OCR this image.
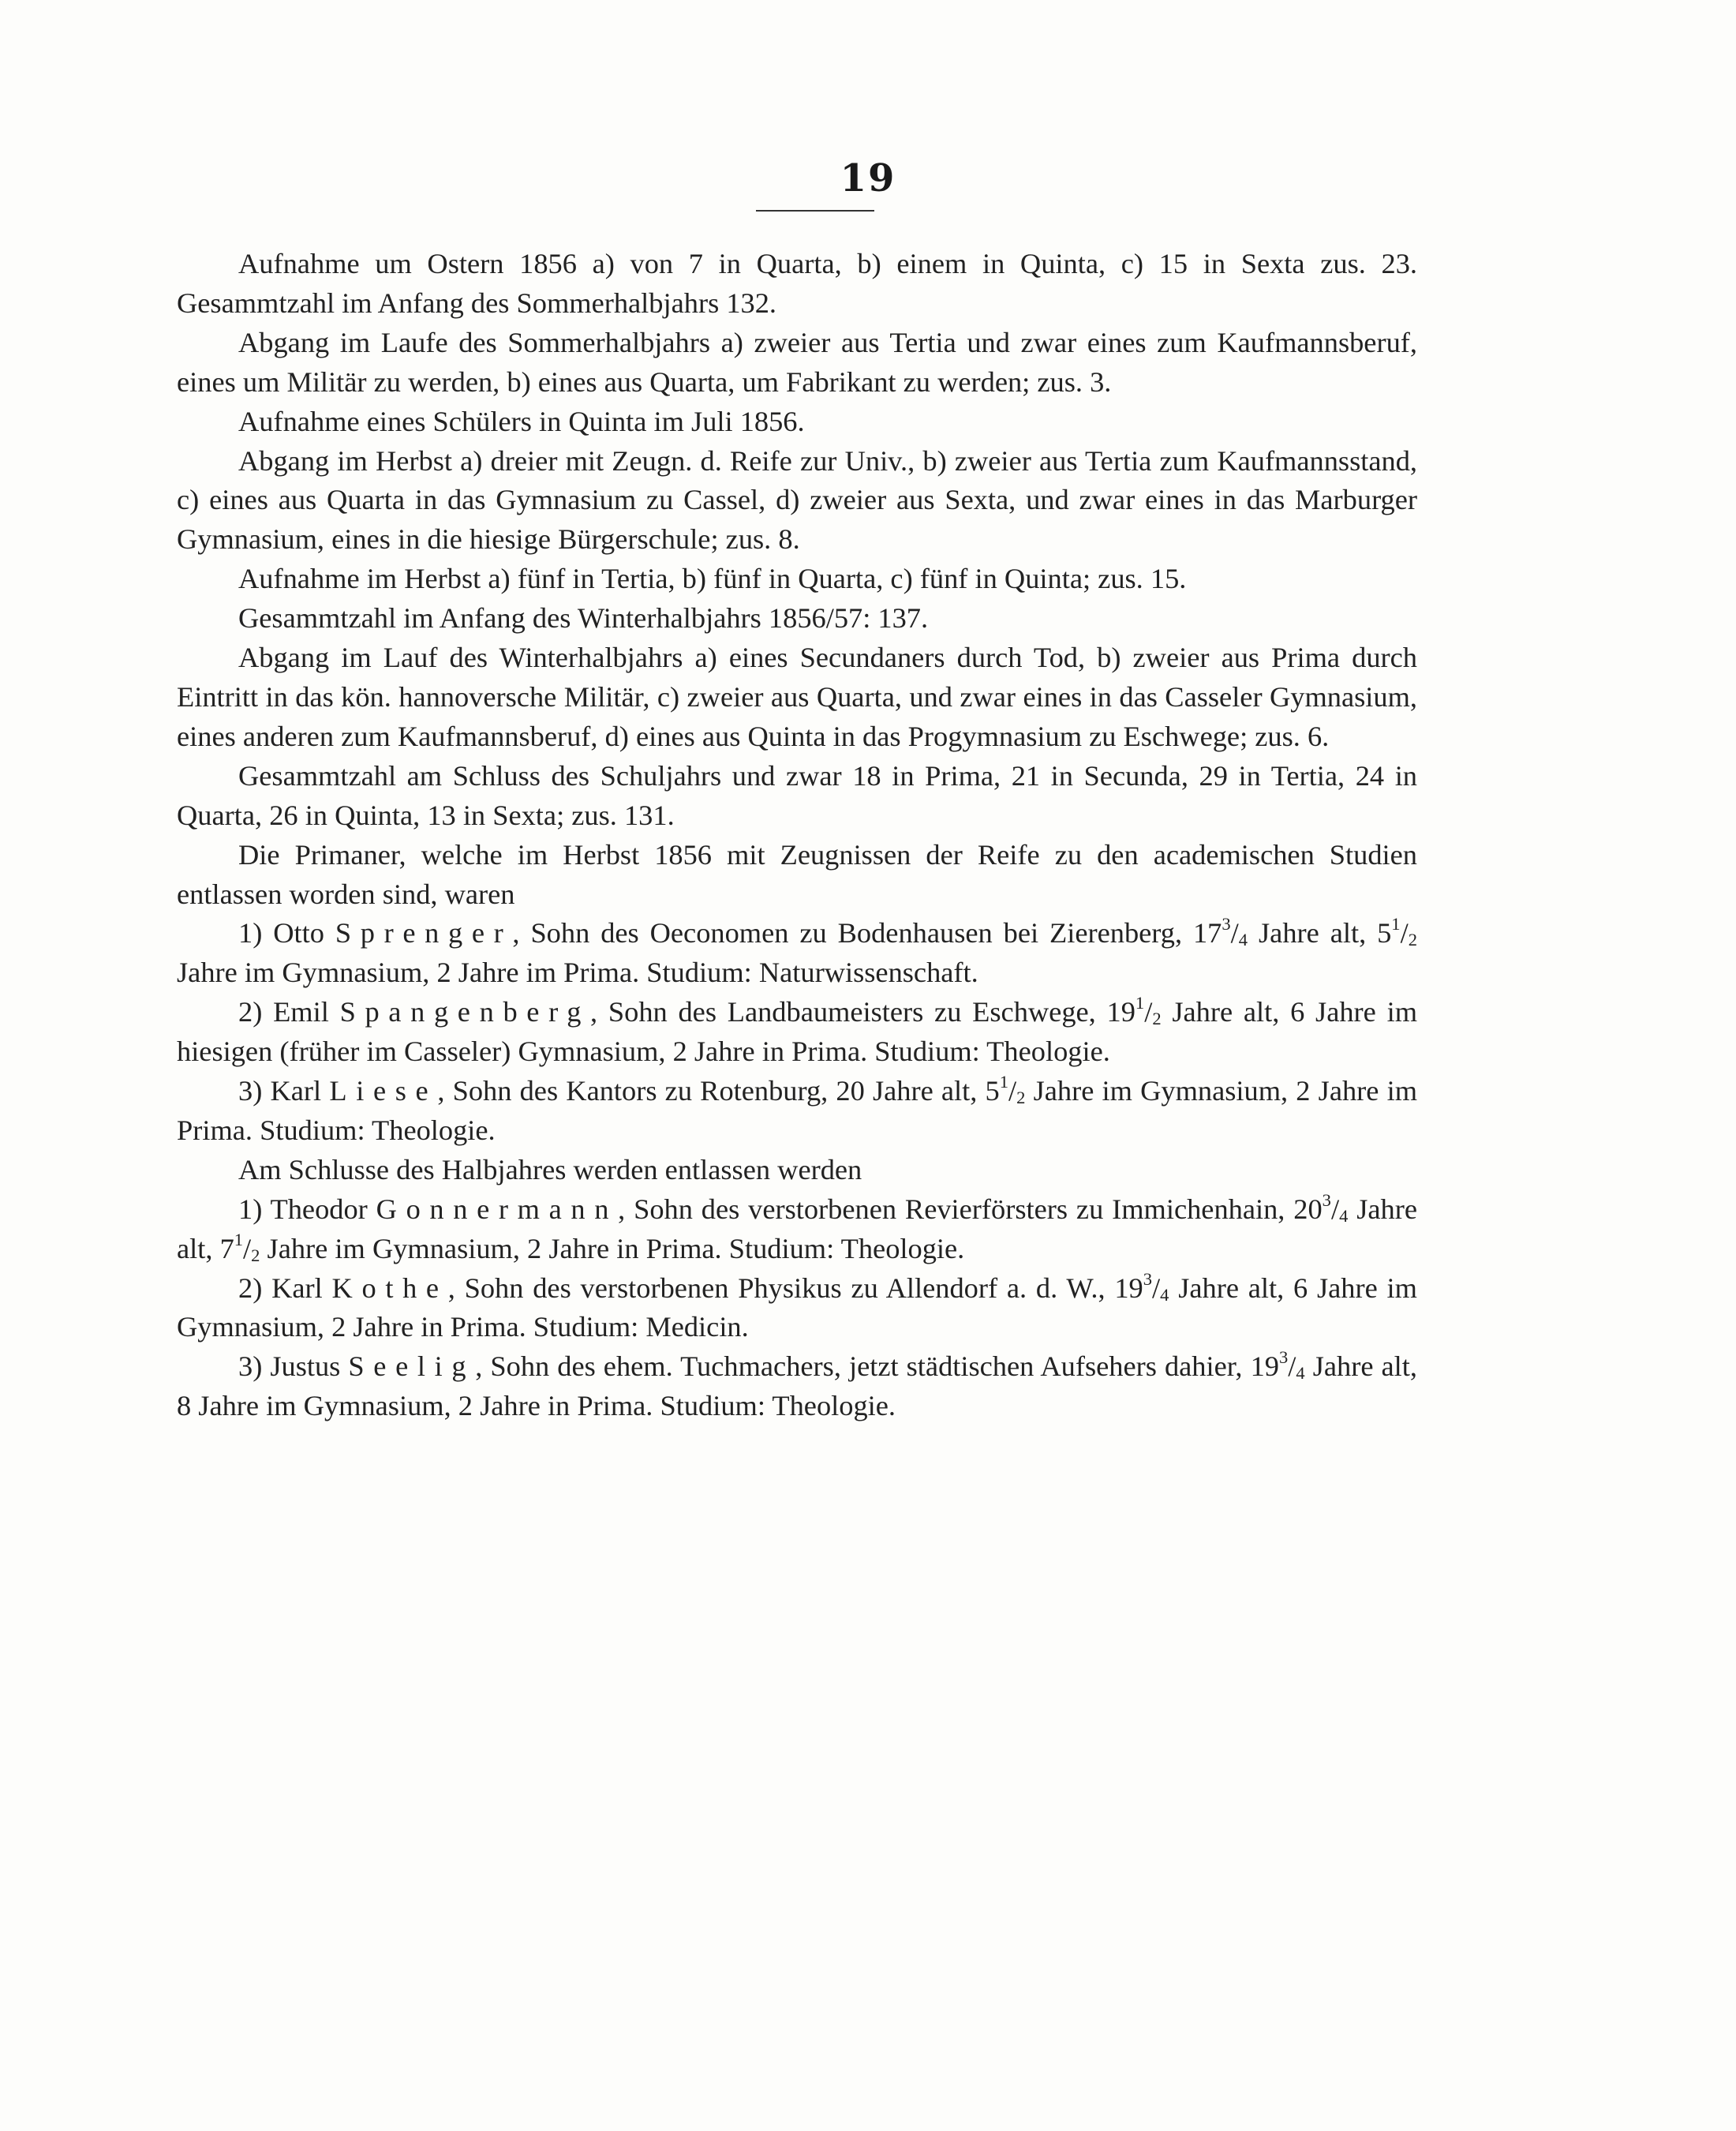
19

Aufnahme um Ostern 1856 a) von 7 in Quarta, b) einem in Quinta, c) 15 in Sexta zus. 23. Gesammtzahl im Anfang des Sommerhalbjahrs 132.

Abgang im Laufe des Sommerhalbjahrs a) zweier aus Tertia und zwar eines zum Kaufmannsberuf, eines um Militär zu werden, b) eines aus Quarta, um Fabrikant zu werden; zus. 3.

Aufnahme eines Schülers in Quinta im Juli 1856.

Abgang im Herbst a) dreier mit Zeugn. d. Reife zur Univ., b) zweier aus Tertia zum Kaufmannsstand, c) eines aus Quarta in das Gymnasium zu Cassel, d) zweier aus Sexta, und zwar eines in das Marburger Gymnasium, eines in die hiesige Bürgerschule; zus. 8.

Aufnahme im Herbst a) fünf in Tertia, b) fünf in Quarta, c) fünf in Quinta; zus. 15.

Gesammtzahl im Anfang des Winterhalbjahrs 1856/57: 137.

Abgang im Lauf des Winterhalbjahrs a) eines Secundaners durch Tod, b) zweier aus Prima durch Eintritt in das kön. hannoversche Militär, c) zweier aus Quarta, und zwar eines in das Casseler Gymnasium, eines anderen zum Kaufmannsberuf, d) eines aus Quinta in das Progymnasium zu Eschwege; zus. 6.

Gesammtzahl am Schluss des Schuljahrs und zwar 18 in Prima, 21 in Secunda, 29 in Tertia, 24 in Quarta, 26 in Quinta, 13 in Sexta; zus. 131.

Die Primaner, welche im Herbst 1856 mit Zeugnissen der Reife zu den academischen Studien entlassen worden sind, waren

1) Otto Sprenger, Sohn des Oeconomen zu Bodenhausen bei Zierenberg, $17^3/_4$ Jahre alt, $5^1/_2$ Jahre im Gymnasium, 2 Jahre im Prima. Studium: Naturwissenschaft.

2) Emil Spangenberg, Sohn des Landbaumeisters zu Eschwege, $19^1/_2$ Jahre alt, 6 Jahre im hiesigen (früher im Casseler) Gymnasium, 2 Jahre in Prima. Studium: Theologie.

3) Karl Liese, Sohn des Kantors zu Rotenburg, 20 Jahre alt, $5^1/_2$ Jahre im Gymnasium, 2 Jahre im Prima. Studium: Theologie.

Am Schlusse des Halbjahres werden entlassen werden

1) Theodor Gonnermann, Sohn des verstorbenen Revierförsters zu Immichenhain, $20^3/_4$ Jahre alt, $7^1/_2$ Jahre im Gymnasium, 2 Jahre in Prima. Studium: Theologie.

2) Karl Kothe, Sohn des verstorbenen Physikus zu Allendorf a. d. W., $19^3/_4$ Jahre alt, 6 Jahre im Gymnasium, 2 Jahre in Prima. Studium: Medicin.

3) Justus Seelig, Sohn des ehem. Tuchmachers, jetzt städtischen Aufsehers dahier, $19^3/_4$ Jahre alt, 8 Jahre im Gymnasium, 2 Jahre in Prima. Studium: Theologie.
